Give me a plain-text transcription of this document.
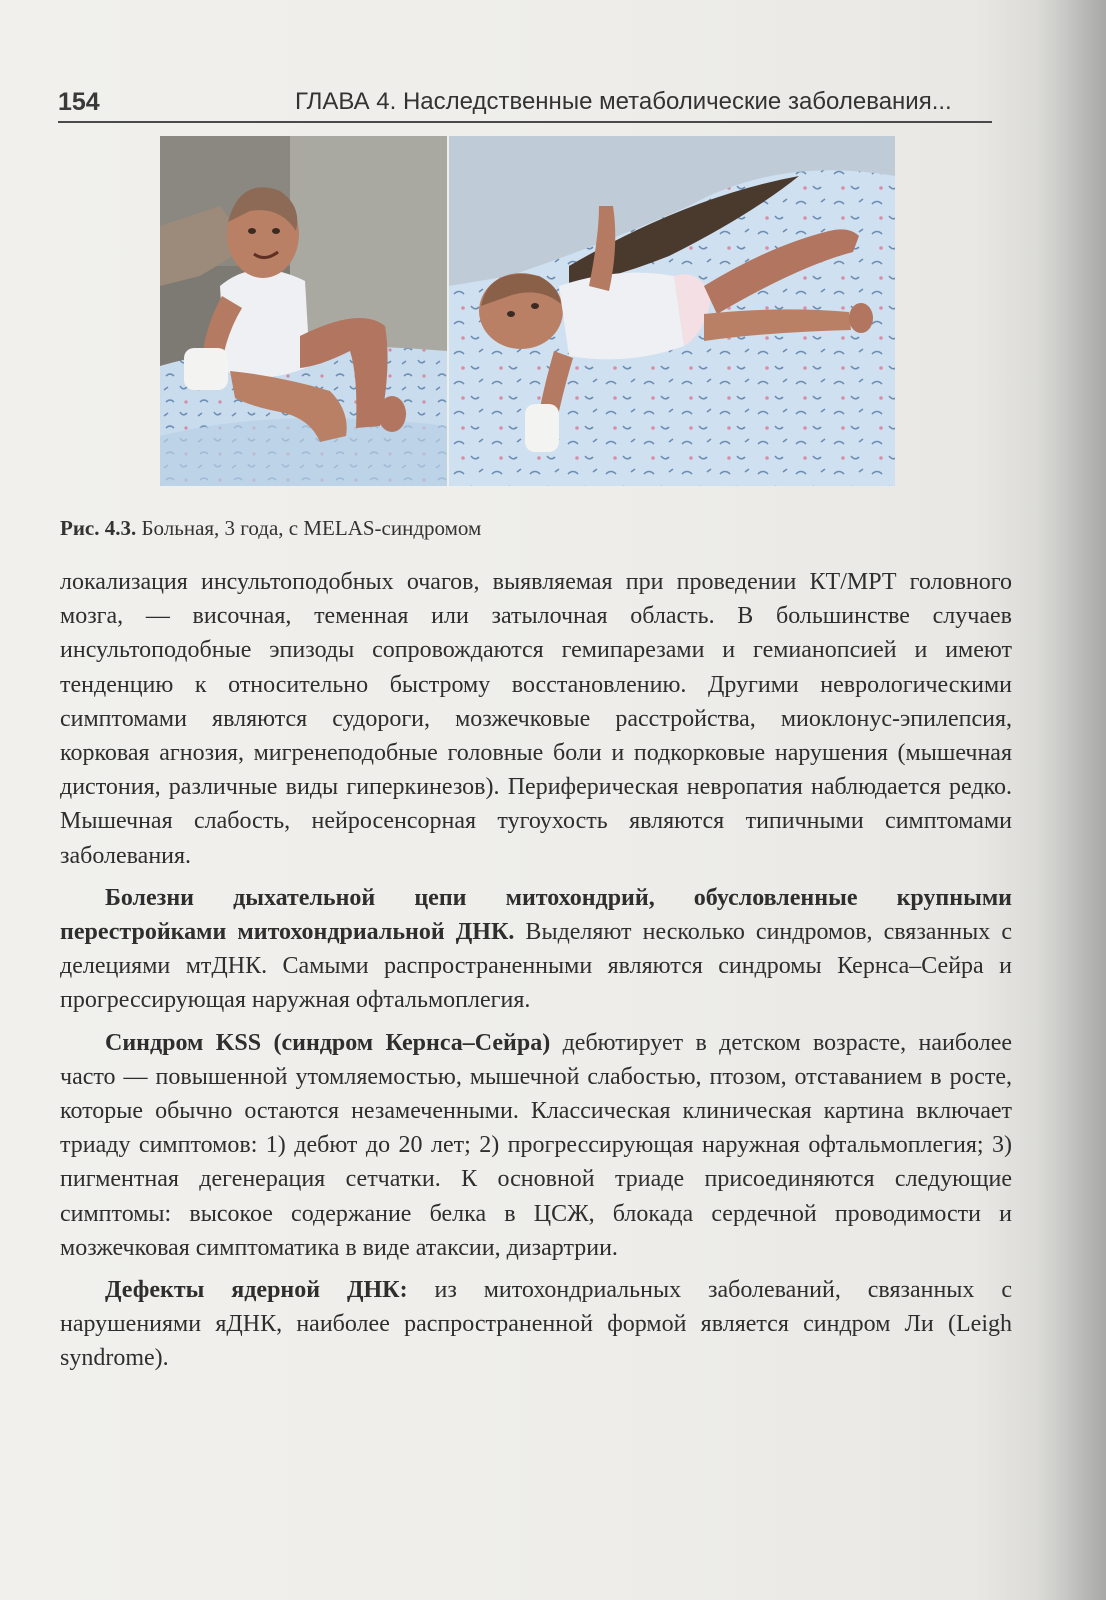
154	ГЛАВА 4. Наследственные метаболические заболевания...
Рис. 4.3. Больная, 3 года, с MELAS-синдромом

локализация инсультоподобных очагов, выявляемая при проведении КТ/МРТ головного мозга, — височная, теменная или затылочная область. В большинстве случаев инсультоподобные эпизоды сопровождаются гемипарезами и гемианопсией и имеют тенденцию к относительно быстрому восстановлению. Другими неврологическими симптомами являются судороги, мозжечковые расстройства, миоклонус-эпилепсия, корковая агнозия, мигренеподобные головные боли и подкорковые нарушения (мышечная дистония, различные виды гиперкинезов). Периферическая невропатия наблюдается редко. Мышечная слабость, нейросенсорная тугоухость являются типичными симптомами заболевания.

Болезни дыхательной цепи митохондрий, обусловленные крупными перестройками митохондриальной ДНК. Выделяют несколько синдромов, связанных с делециями мтДНК. Самыми распространенными являются синдромы Кернса–Сейра и прогрессирующая наружная офтальмоплегия.

Синдром KSS (синдром Кернса–Сейра) дебютирует в детском возрасте, наиболее часто — повышенной утомляемостью, мышечной слабостью, птозом, отставанием в росте, которые обычно остаются незамеченными. Классическая клиническая картина включает триаду симптомов: 1) дебют до 20 лет; 2) прогрессирующая наружная офтальмоплегия; 3) пигментная дегенерация сетчатки. К основной триаде присоединяются следующие симптомы: высокое содержание белка в ЦСЖ, блокада сердечной проводимости и мозжечковая симптоматика в виде атаксии, дизартрии.

Дефекты ядерной ДНК: из митохондриальных заболеваний, связанных с нарушениями яДНК, наиболее распространенной формой является синдром Ли (Leigh syndrome).
